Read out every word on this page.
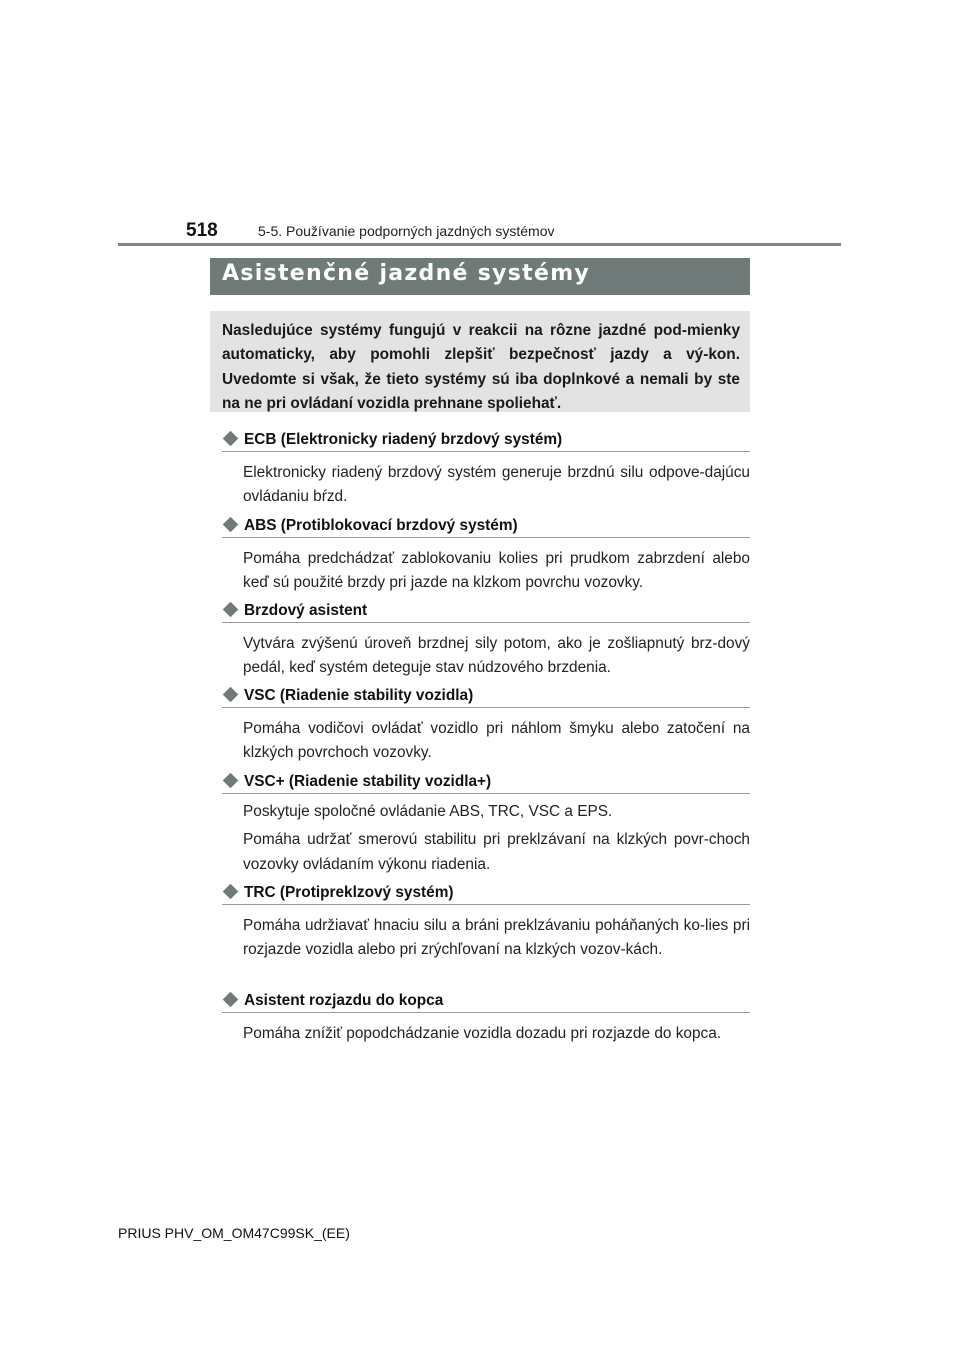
518	5-5. Používanie podporných jazdných systémov
Asistenčné jazdné systémy
Nasledujúce systémy fungujú v reakcii na rôzne jazdné pod-mienky automaticky, aby pomohli zlepšiť bezpečnosť jazdy a vý-kon. Uvedomte si však, že tieto systémy sú iba doplnkové a nemali by ste na ne pri ovládaní vozidla prehnane spoliehať.
ECB (Elektronicky riadený brzdový systém)

Elektronicky riadený brzdový systém generuje brzdnú silu odpove-dajúcu ovládaniu bŕzd.

ABS (Protiblokovací brzdový systém)

Pomáha predchádzať zablokovaniu kolies pri prudkom zabrzdení alebo keď sú použité brzdy pri jazde na klzkom povrchu vozovky.

Brzdový asistent

Vytvára zvýšenú úroveň brzdnej sily potom, ako je zošliapnutý brz-dový pedál, keď systém deteguje stav núdzového brzdenia.

VSC (Riadenie stability vozidla)

Pomáha vodičovi ovládať vozidlo pri náhlom šmyku alebo zatočení na klzkých povrchoch vozovky.

VSC+ (Riadenie stability vozidla+)

Poskytuje spoločné ovládanie ABS, TRC, VSC a EPS.

Pomáha udržať smerovú stabilitu pri preklzávaní na klzkých povr-choch vozovky ovládaním výkonu riadenia.

TRC (Protipreklzový systém)

Pomáha udržiavať hnaciu silu a bráni preklzávaniu poháňaných ko-lies pri rozjazde vozidla alebo pri zrýchľovaní na klzkých vozov-kách.

Asistent rozjazdu do kopca

Pomáha znížiť popodchádzanie vozidla dozadu pri rozjazde do kopca.

PRIUS PHV_OM_OM47C99SK_(EE)
